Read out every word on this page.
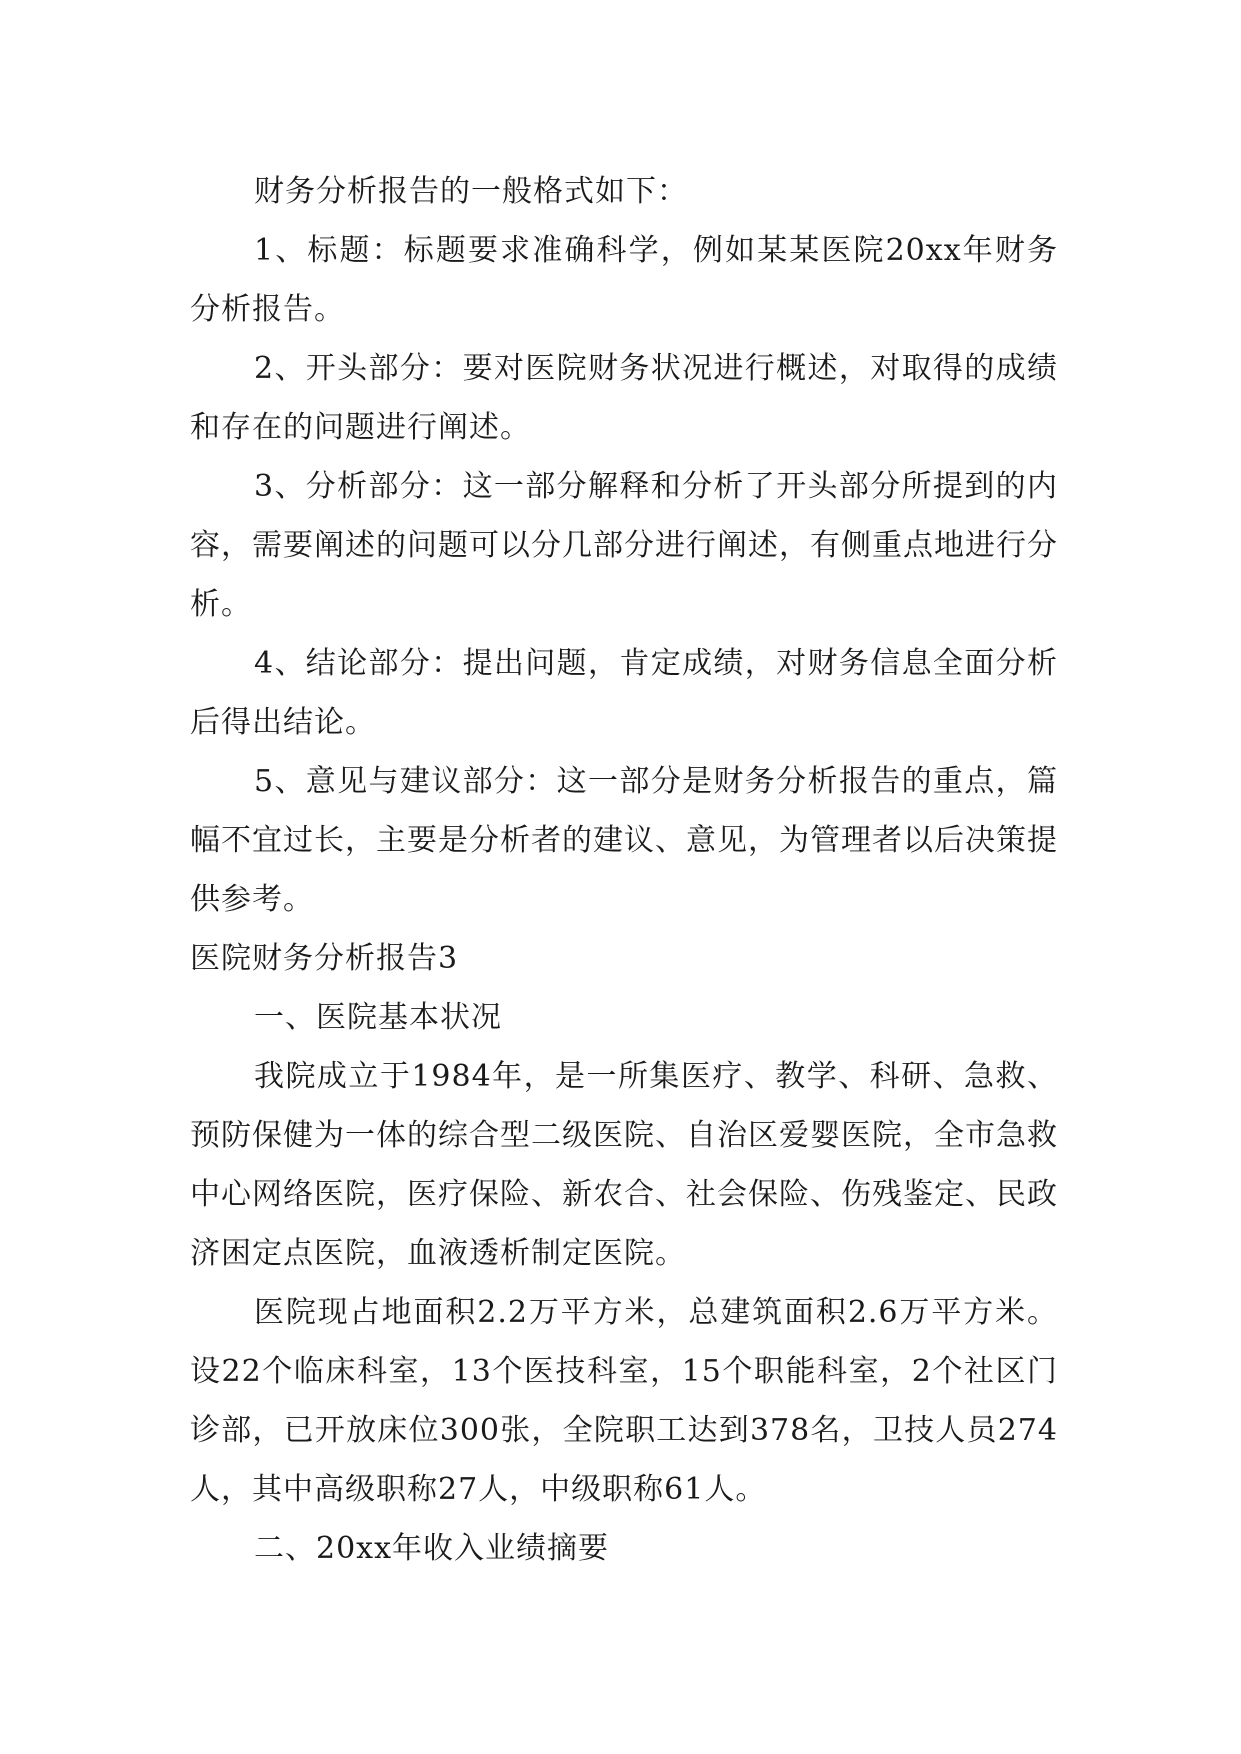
财务分析报告的一般格式如下：

1、标题：标题要求准确科学，例如某某医院20xx年财务分析报告。

2、开头部分：要对医院财务状况进行概述，对取得的成绩和存在的问题进行阐述。

3、分析部分：这一部分解释和分析了开头部分所提到的内容，需要阐述的问题可以分几部分进行阐述，有侧重点地进行分析。

4、结论部分：提出问题，肯定成绩，对财务信息全面分析后得出结论。

5、意见与建议部分：这一部分是财务分析报告的重点，篇幅不宜过长，主要是分析者的建议、意见，为管理者以后决策提供参考。

医院财务分析报告3

一、医院基本状况

我院成立于1984年，是一所集医疗、教学、科研、急救、预防保健为一体的综合型二级医院、自治区爱婴医院，全市急救中心网络医院，医疗保险、新农合、社会保险、伤残鉴定、民政济困定点医院，血液透析制定医院。

医院现占地面积2.2万平方米，总建筑面积2.6万平方米。设22个临床科室，13个医技科室，15个职能科室，2个社区门诊部，已开放床位300张，全院职工达到378名，卫技人员274人，其中高级职称27人，中级职称61人。

二、20xx年收入业绩摘要
